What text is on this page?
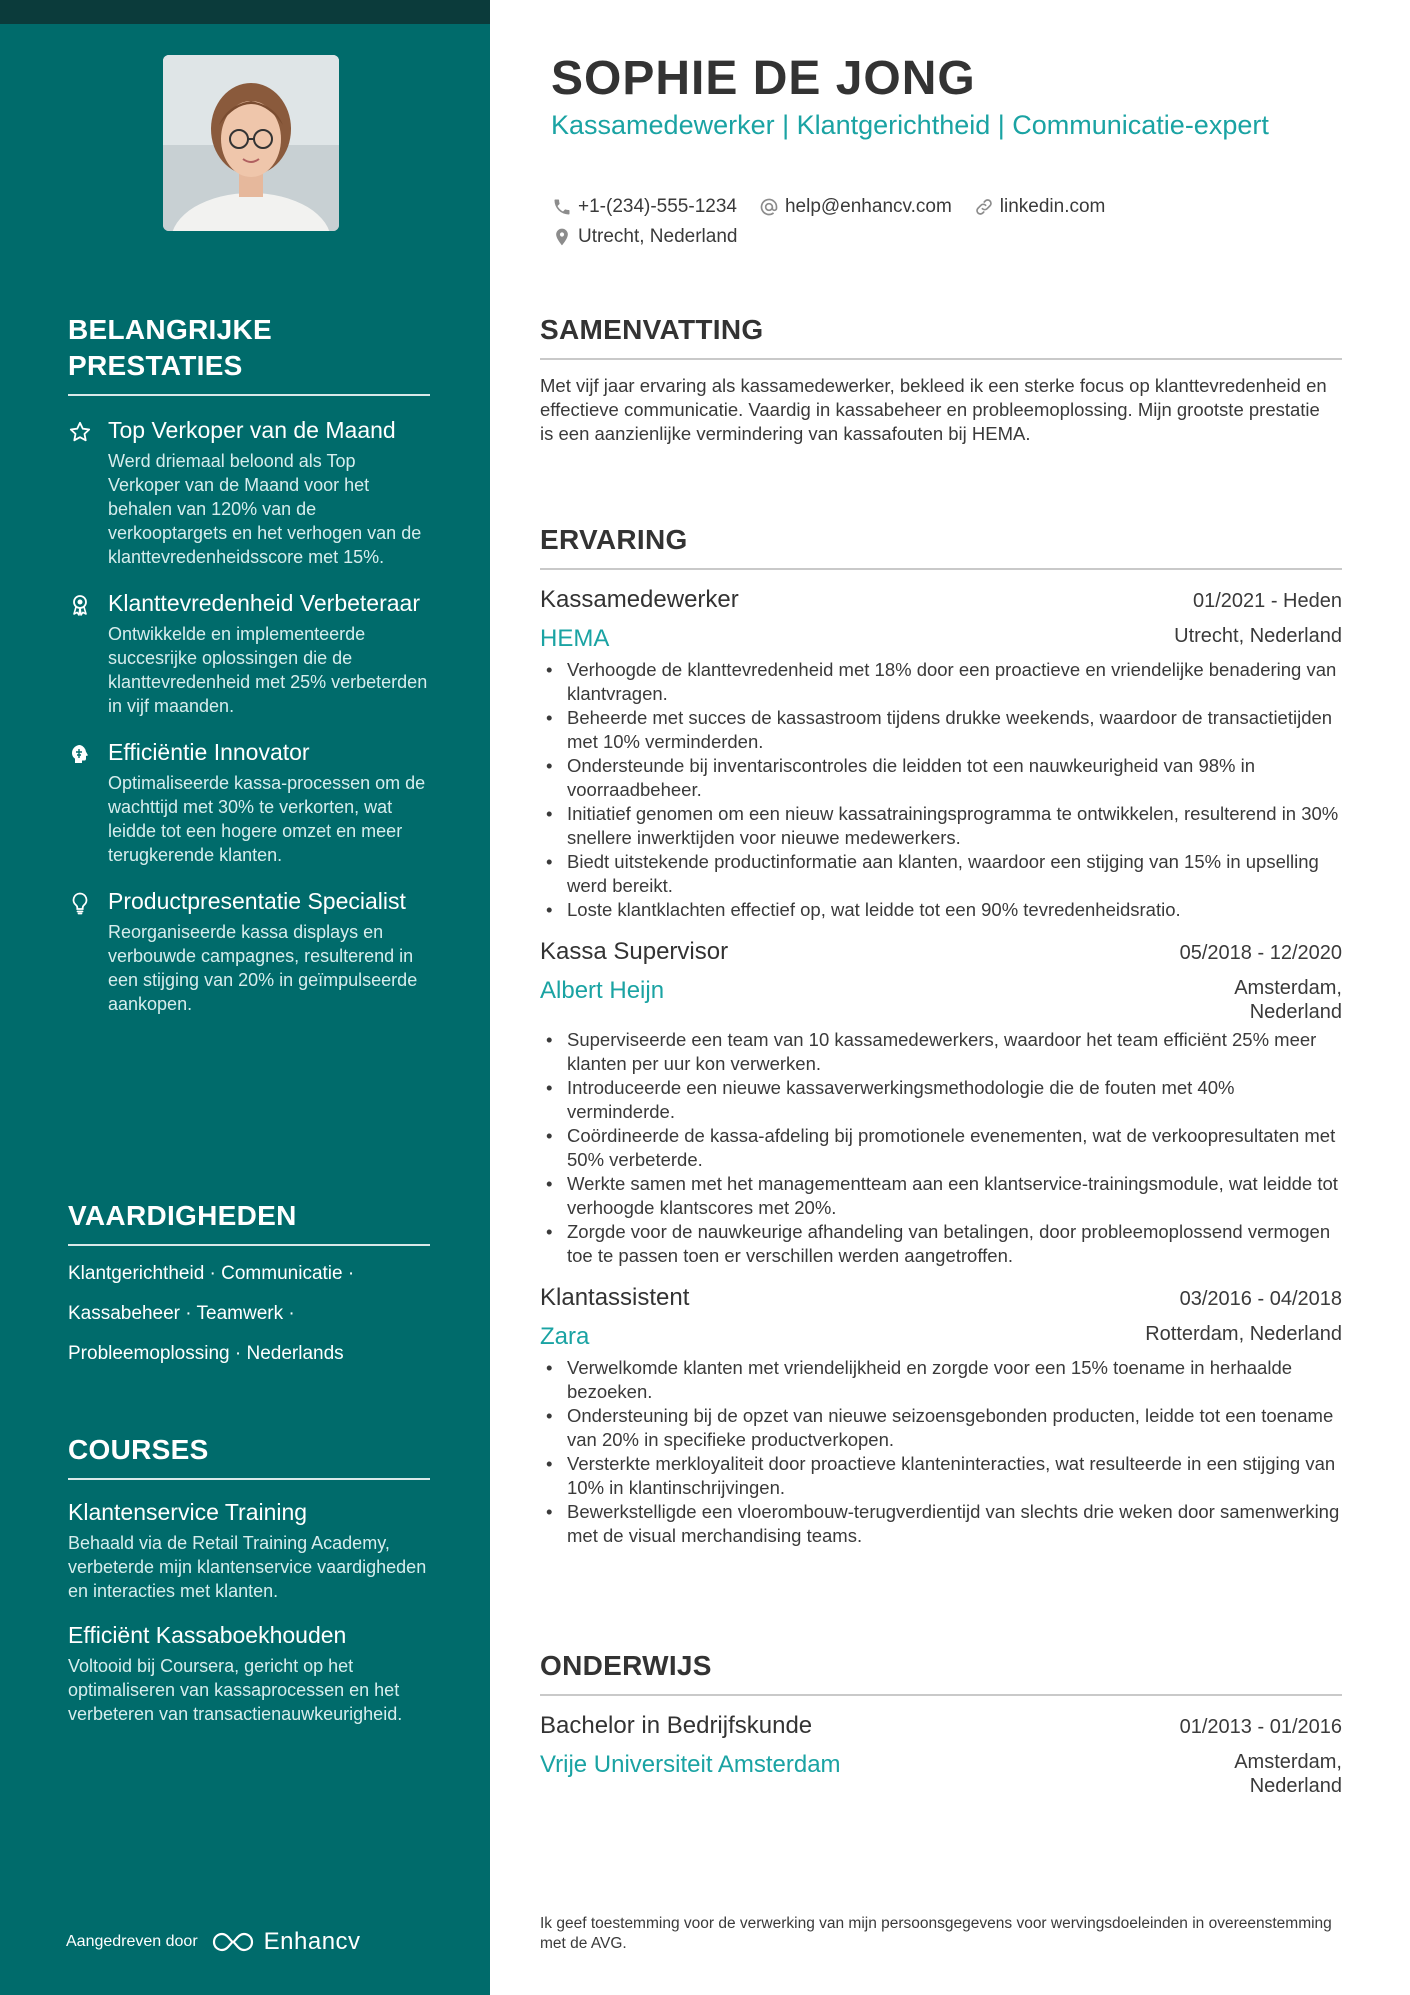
BELANGRIJKE PRESTATIES
Top Verkoper van de Maand
Werd driemaal beloond als Top Verkoper van de Maand voor het behalen van 120% van de verkooptargets en het verhogen van de klanttevredenheidsscore met 15%.
Klanttevredenheid Verbeteraar
Ontwikkelde en implementeerde succesrijke oplossingen die de klanttevredenheid met 25% verbeterden in vijf maanden.
Efficiëntie Innovator
Optimaliseerde kassa-processen om de wachttijd met 30% te verkorten, wat leidde tot een hogere omzet en meer terugkerende klanten.
Productpresentatie Specialist
Reorganiseerde kassa displays en verbouwde campagnes, resulterend in een stijging van 20% in geïmpulseerde aankopen.
VAARDIGHEDEN
Klantgerichtheid · Communicatie ·
Kassabeheer · Teamwerk ·
Probleemoplossing · Nederlands
COURSES
Klantenservice Training
Behaald via de Retail Training Academy, verbeterde mijn klantenservice vaardigheden en interacties met klanten.
Efficiënt Kassaboekhouden
Voltooid bij Coursera, gericht op het optimaliseren van kassaprocessen en het verbeteren van transactienauwkeurigheid.
Aangedreven door	Enhancv
SOPHIE DE JONG
Kassamedewerker | Klantgerichtheid | Communicatie-expert
+1-(234)-555-1234	help@enhancv.com	linkedin.com
Utrecht, Nederland
SAMENVATTING

Met vijf jaar ervaring als kassamedewerker, bekleed ik een sterke focus op klanttevredenheid en effectieve communicatie. Vaardig in kassabeheer en probleemoplossing. Mijn grootste prestatie is een aanzienlijke vermindering van kassafouten bij HEMA.

ERVARING
Kassamedewerker	01/2021 - Heden
HEMA	Utrecht, Nederland
• Verhoogde de klanttevredenheid met 18% door een proactieve en vriendelijke benadering van klantvragen.
• Beheerde met succes de kassastroom tijdens drukke weekends, waardoor de transactietijden met 10% verminderden.
• Ondersteunde bij inventariscontroles die leidden tot een nauwkeurigheid van 98% in voorraadbeheer.
• Initiatief genomen om een nieuw kassatrainingsprogramma te ontwikkelen, resulterend in 30% snellere inwerktijden voor nieuwe medewerkers.
• Biedt uitstekende productinformatie aan klanten, waardoor een stijging van 15% in upselling werd bereikt.
• Loste klantklachten effectief op, wat leidde tot een 90% tevredenheidsratio.
Kassa Supervisor	05/2018 - 12/2020
Albert Heijn	Amsterdam, Nederland
• Superviseerde een team van 10 kassamedewerkers, waardoor het team efficiënt 25% meer klanten per uur kon verwerken.
• Introduceerde een nieuwe kassaverwerkingsmethodologie die de fouten met 40% verminderde.
• Coördineerde de kassa-afdeling bij promotionele evenementen, wat de verkoopresultaten met 50% verbeterde.
• Werkte samen met het managementteam aan een klantservice-trainingsmodule, wat leidde tot verhoogde klantscores met 20%.
• Zorgde voor de nauwkeurige afhandeling van betalingen, door probleemoplossend vermogen toe te passen toen er verschillen werden aangetroffen.
Klantassistent	03/2016 - 04/2018
Zara	Rotterdam, Nederland
• Verwelkomde klanten met vriendelijkheid en zorgde voor een 15% toename in herhaalde bezoeken.
• Ondersteuning bij de opzet van nieuwe seizoensgebonden producten, leidde tot een toename van 20% in specifieke productverkopen.
• Versterkte merkloyaliteit door proactieve klanteninteracties, wat resulteerde in een stijging van 10% in klantinschrijvingen.
• Bewerkstelligde een vloerombouw-terugverdientijd van slechts drie weken door samenwerking met de visual merchandising teams.
ONDERWIJS
Bachelor in Bedrijfskunde	01/2013 - 01/2016
Vrije Universiteit Amsterdam	Amsterdam, Nederland

Ik geef toestemming voor de verwerking van mijn persoonsgegevens voor wervingsdoeleinden in overeenstemming met de AVG.
